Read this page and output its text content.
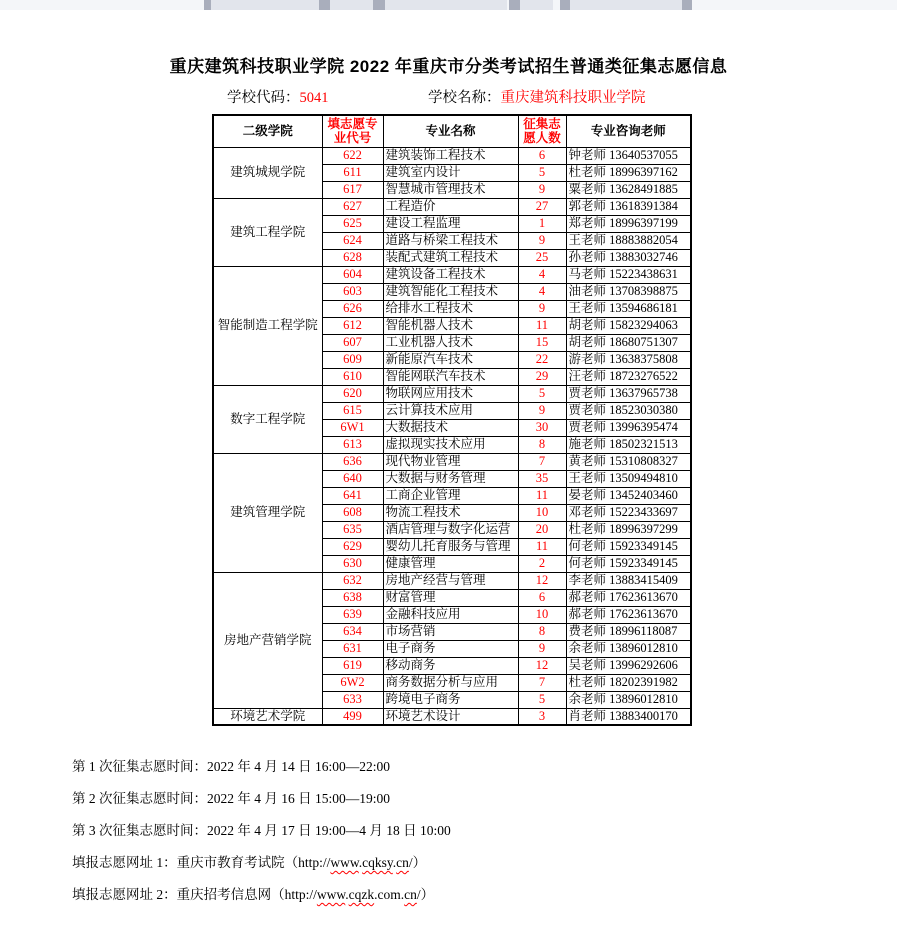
重庆建筑科技职业学院 2022 年重庆市分类考试招生普通类征集志愿信息
学校代码：5041	学校名称：重庆建筑科技职业学院
二级学院	填志愿专业代号	专业名称	征集志愿人数	专业咨询老师
建筑城规学院	622	建筑装饰工程技术	6	钟老师 13640537055
	611	建筑室内设计	5	杜老师 18996397162
	617	智慧城市管理技术	9	粟老师 13628491885
建筑工程学院	627	工程造价	27	郭老师 13618391384
	625	建设工程监理	1	郑老师 18996397199
	624	道路与桥梁工程技术	9	王老师 18883882054
	628	装配式建筑工程技术	25	孙老师 13883032746
智能制造工程学院	604	建筑设备工程技术	4	马老师 15223438631
	603	建筑智能化工程技术	4	油老师 13708398875
	626	给排水工程技术	9	王老师 13594686181
	612	智能机器人技术	11	胡老师 15823294063
	607	工业机器人技术	15	胡老师 18680751307
	609	新能原汽车技术	22	游老师 13638375808
	610	智能网联汽车技术	29	汪老师 18723276522
数字工程学院	620	物联网应用技术	5	贾老师 13637965738
	615	云计算技术应用	9	贾老师 18523030380
	6W1	大数据技术	30	贾老师 13996395474
	613	虚拟现实技术应用	8	施老师 18502321513
建筑管理学院	636	现代物业管理	7	黄老师 15310808327
	640	大数据与财务管理	35	王老师 13509494810
	641	工商企业管理	11	晏老师 13452403460
	608	物流工程技术	10	邓老师 15223433697
	635	酒店管理与数字化运营	20	杜老师 18996397299
	629	婴幼儿托育服务与管理	11	何老师 15923349145
	630	健康管理	2	何老师 15923349145
房地产营销学院	632	房地产经营与管理	12	李老师 13883415409
	638	财富管理	6	郝老师 17623613670
	639	金融科技应用	10	郝老师 17623613670
	634	市场营销	8	费老师 18996118087
	631	电子商务	9	余老师 13896012810
	619	移动商务	12	吴老师 13996292606
	6W2	商务数据分析与应用	7	杜老师 18202391982
	633	跨境电子商务	5	余老师 13896012810
环境艺术学院	499	环境艺术设计	3	肖老师 13883400170
第 1 次征集志愿时间：2022 年 4 月 14 日 16:00—22:00
第 2 次征集志愿时间：2022 年 4 月 16 日 15:00—19:00
第 3 次征集志愿时间：2022 年 4 月 17 日 19:00—4 月 18 日 10:00
填报志愿网址 1：重庆市教育考试院（http://www.cqksy.cn/）
填报志愿网址 2：重庆招考信息网（http://www.cqzk.com.cn/）
